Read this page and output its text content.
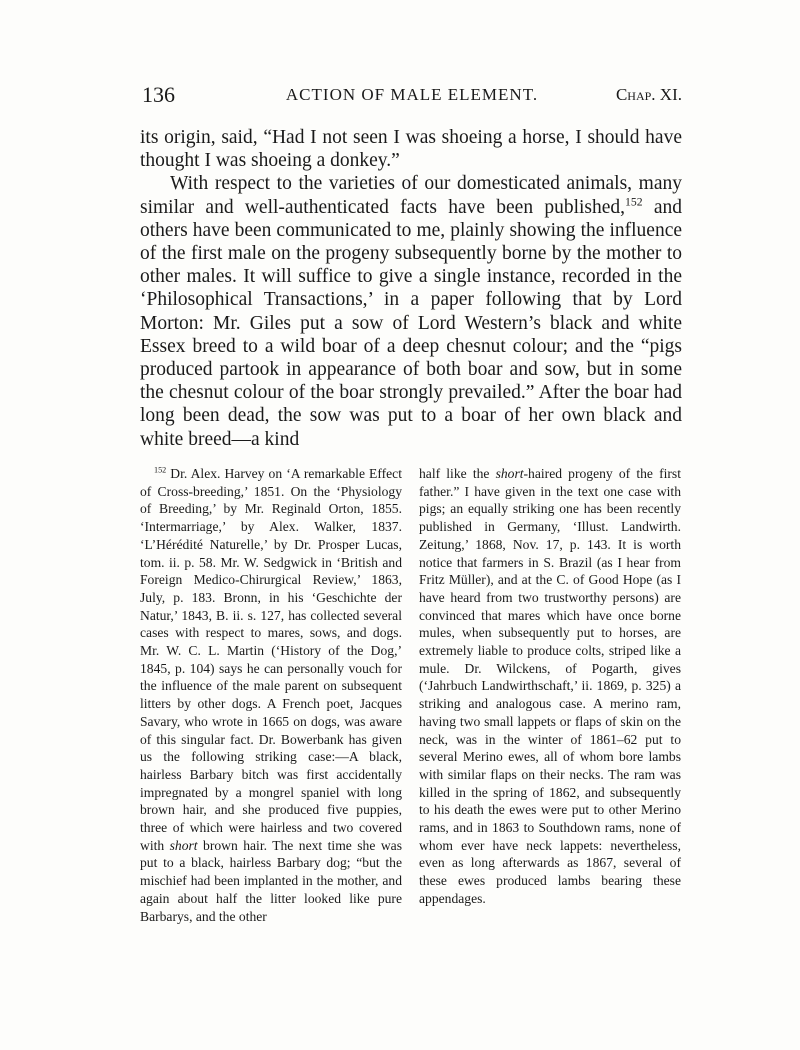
136	ACTION OF MALE ELEMENT.	Chap. XI.

its origin, said, “Had I not seen I was shoeing a horse, I should have thought I was shoeing a donkey.”

With respect to the varieties of our domesticated animals, many similar and well-authenticated facts have been published,$^{152}$ and others have been communicated to me, plainly showing the influence of the first male on the progeny subsequently borne by the mother to other males. It will suffice to give a single instance, recorded in the ‘Philosophical Transactions,’ in a paper following that by Lord Morton: Mr. Giles put a sow of Lord Western’s black and white Essex breed to a wild boar of a deep chesnut colour; and the “pigs produced partook in appearance of both boar and sow, but in some the chesnut colour of the boar strongly prevailed.” After the boar had long been dead, the sow was put to a boar of her own black and white breed—a kind

$^{152}$ Dr. Alex. Harvey on ‘A remarkable Effect of Cross-breeding,’ 1851. On the ‘Physiology of Breeding,’ by Mr. Reginald Orton, 1855. ‘Intermarriage,’ by Alex. Walker, 1837. ‘L’Hérédité Naturelle,’ by Dr. Prosper Lucas, tom. ii. p. 58. Mr. W. Sedgwick in ‘British and Foreign Medico-Chirurgical Review,’ 1863, July, p. 183. Bronn, in his ‘Geschichte der Natur,’ 1843, B. ii. s. 127, has collected several cases with respect to mares, sows, and dogs. Mr. W. C. L. Martin (‘History of the Dog,’ 1845, p. 104) says he can personally vouch for the influence of the male parent on subsequent litters by other dogs. A French poet, Jacques Savary, who wrote in 1665 on dogs, was aware of this singular fact. Dr. Bowerbank has given us the following striking case:—A black, hairless Barbary bitch was first accidentally impregnated by a mongrel spaniel with long brown hair, and she produced five puppies, three of which were hairless and two covered with short brown hair. The next time she was put to a black, hairless Barbary dog; “but the mischief had been implanted in the mother, and again about half the litter looked like pure Barbarys, and the other
half like the short-haired progeny of the first father.” I have given in the text one case with pigs; an equally striking one has been recently published in Germany, ‘Illust. Landwirth. Zeitung,’ 1868, Nov. 17, p. 143. It is worth notice that farmers in S. Brazil (as I hear from Fritz Müller), and at the C. of Good Hope (as I have heard from two trustworthy persons) are convinced that mares which have once borne mules, when subsequently put to horses, are extremely liable to produce colts, striped like a mule. Dr. Wilckens, of Pogarth, gives (‘Jahrbuch Landwirthschaft,’ ii. 1869, p. 325) a striking and analogous case. A merino ram, having two small lappets or flaps of skin on the neck, was in the winter of 1861–62 put to several Merino ewes, all of whom bore lambs with similar flaps on their necks. The ram was killed in the spring of 1862, and subsequently to his death the ewes were put to other Merino rams, and in 1863 to Southdown rams, none of whom ever have neck lappets: nevertheless, even as long afterwards as 1867, several of these ewes produced lambs bearing these appendages.
